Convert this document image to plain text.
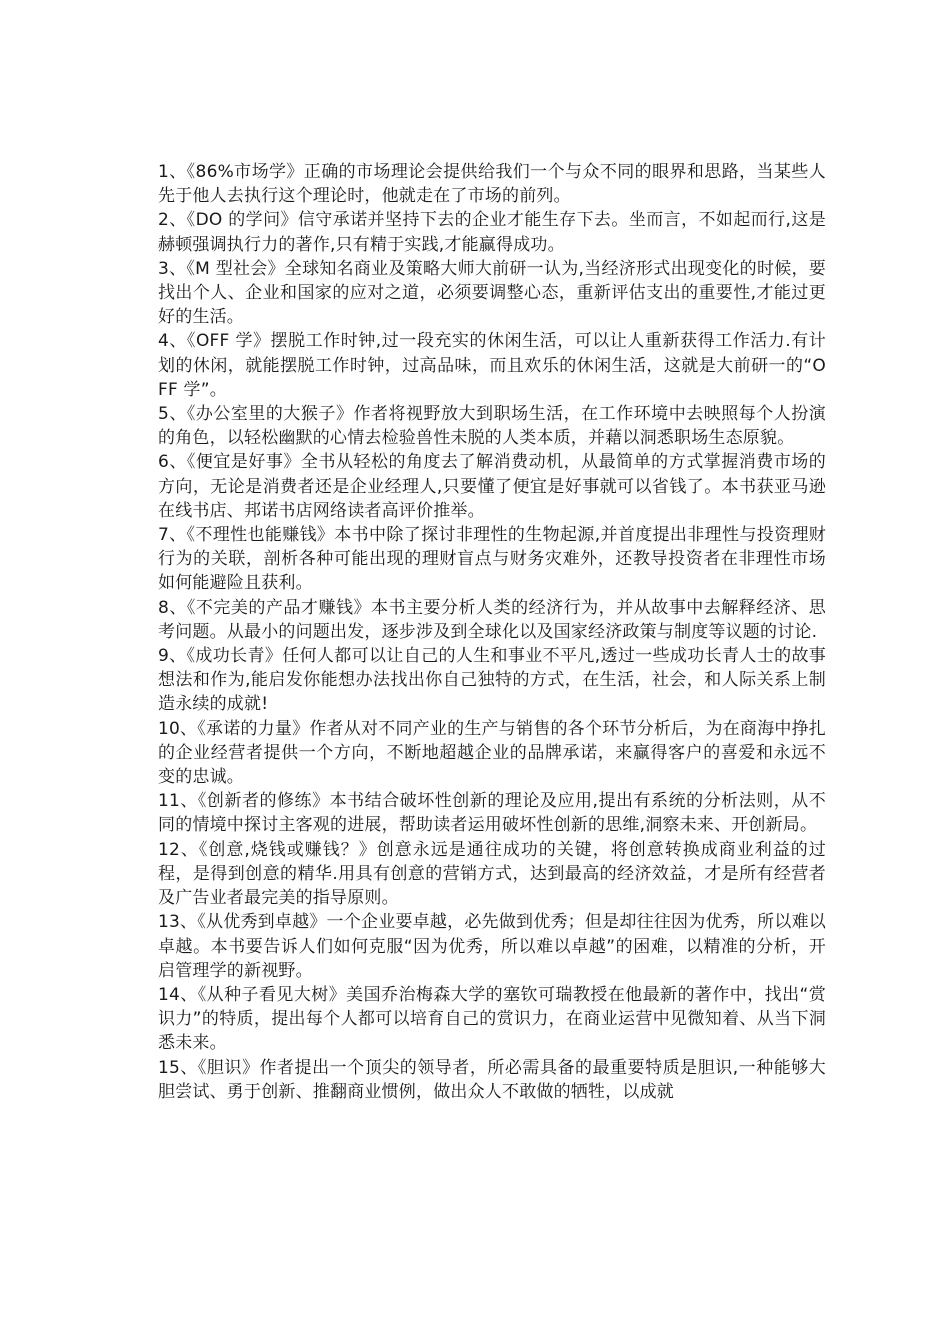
1、《86%市场学》正确的市场理论会提供给我们一个与众不同的眼界和思路，当某些人先于他人去执行这个理论时，他就走在了市场的前列。

2、《DO 的学问》信守承诺并坚持下去的企业才能生存下去。坐而言，不如起而行,这是赫顿强调执行力的著作,只有精于实践,才能赢得成功。

3、《M 型社会》全球知名商业及策略大师大前研一认为,当经济形式出现变化的时候，要找出个人、企业和国家的应对之道，必须要调整心态，重新评估支出的重要性,才能过更好的生活。

4、《OFF 学》摆脱工作时钟,过一段充实的休闲生活，可以让人重新获得工作活力.有计划的休闲，就能摆脱工作时钟，过高品味，而且欢乐的休闲生活，这就是大前研一的“OFF 学”。

5、《办公室里的大猴子》作者将视野放大到职场生活，在工作环境中去映照每个人扮演的角色，以轻松幽默的心情去检验兽性未脱的人类本质，并藉以洞悉职场生态原貌。

6、《便宜是好事》全书从轻松的角度去了解消费动机，从最简单的方式掌握消费市场的方向，无论是消费者还是企业经理人,只要懂了便宜是好事就可以省钱了。本书获亚马逊在线书店、邦诺书店网络读者高评价推举。

7、《不理性也能赚钱》本书中除了探讨非理性的生物起源,并首度提出非理性与投资理财行为的关联，剖析各种可能出现的理财盲点与财务灾难外，还教导投资者在非理性市场如何能避险且获利。

8、《不完美的产品才赚钱》本书主要分析人类的经济行为，并从故事中去解释经济、思考问题。从最小的问题出发，逐步涉及到全球化以及国家经济政策与制度等议题的讨论.

9、《成功长青》任何人都可以让自己的人生和事业不平凡,透过一些成功长青人士的故事想法和作为,能启发你能想办法找出你自己独特的方式，在生活，社会，和人际关系上制造永续的成就!

10、《承诺的力量》作者从对不同产业的生产与销售的各个环节分析后，为在商海中挣扎的企业经营者提供一个方向，不断地超越企业的品牌承诺，来赢得客户的喜爱和永远不变的忠诚。

11、《创新者的修练》本书结合破坏性创新的理论及应用,提出有系统的分析法则，从不同的情境中探讨主客观的进展，帮助读者运用破坏性创新的思维,洞察未来、开创新局。

12、《创意,烧钱或赚钱？》创意永远是通往成功的关键，将创意转换成商业利益的过程，是得到创意的精华.用具有创意的营销方式，达到最高的经济效益，才是所有经营者及广告业者最完美的指导原则。

13、《从优秀到卓越》一个企业要卓越，必先做到优秀；但是却往往因为优秀，所以难以卓越。本书要告诉人们如何克服“因为优秀，所以难以卓越”的困难，以精准的分析，开启管理学的新视野。

14、《从种子看见大树》美国乔治梅森大学的塞钦可瑞教授在他最新的著作中，找出“赏识力”的特质，提出每个人都可以培育自己的赏识力，在商业运营中见微知着、从当下洞悉未来。

15、《胆识》作者提出一个顶尖的领导者，所必需具备的最重要特质是胆识,一种能够大胆尝试、勇于创新、推翻商业惯例，做出众人不敢做的牺牲，以成就
